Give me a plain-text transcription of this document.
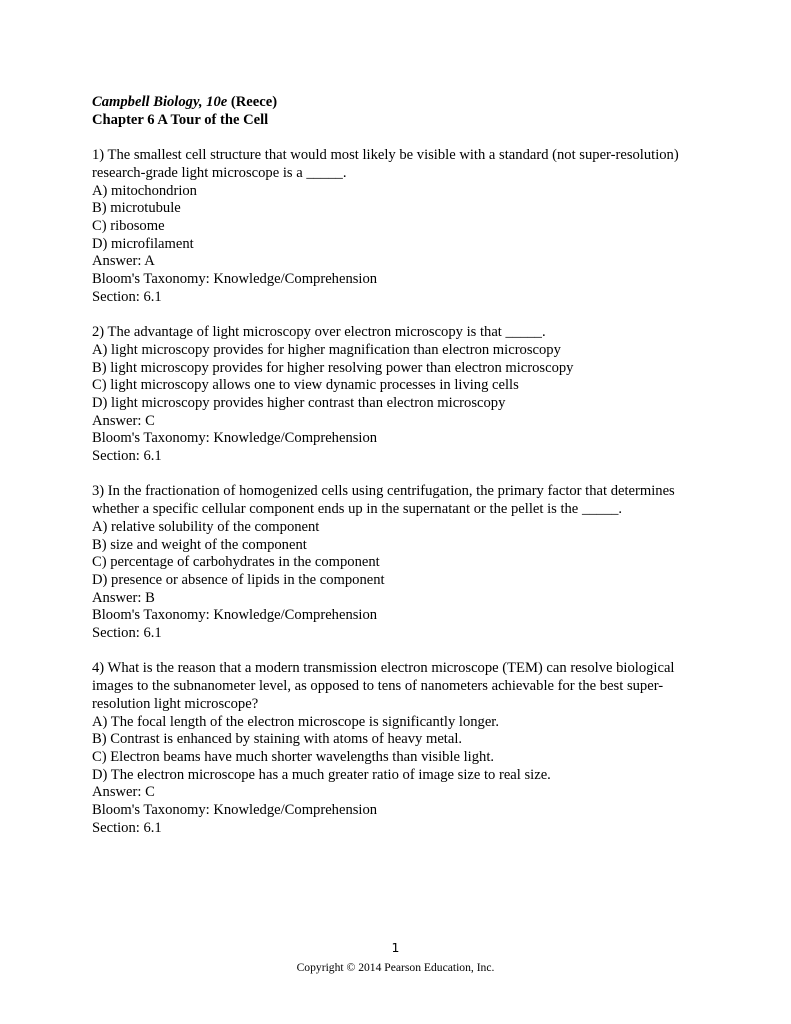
Campbell Biology, 10e (Reece)
Chapter 6 A Tour of the Cell
1) The smallest cell structure that would most likely be visible with a standard (not super-resolution) research-grade light microscope is a _____.
A) mitochondrion
B) microtubule
C) ribosome
D) microfilament
Answer: A
Bloom's Taxonomy: Knowledge/Comprehension
Section: 6.1
2) The advantage of light microscopy over electron microscopy is that _____.
A) light microscopy provides for higher magnification than electron microscopy
B) light microscopy provides for higher resolving power than electron microscopy
C) light microscopy allows one to view dynamic processes in living cells
D) light microscopy provides higher contrast than electron microscopy
Answer: C
Bloom's Taxonomy: Knowledge/Comprehension
Section: 6.1
3) In the fractionation of homogenized cells using centrifugation, the primary factor that determines whether a specific cellular component ends up in the supernatant or the pellet is the _____.
A) relative solubility of the component
B) size and weight of the component
C) percentage of carbohydrates in the component
D) presence or absence of lipids in the component
Answer: B
Bloom's Taxonomy: Knowledge/Comprehension
Section: 6.1
4) What is the reason that a modern transmission electron microscope (TEM) can resolve biological images to the subnanometer level, as opposed to tens of nanometers achievable for the best super-resolution light microscope?
A) The focal length of the electron microscope is significantly longer.
B) Contrast is enhanced by staining with atoms of heavy metal.
C) Electron beams have much shorter wavelengths than visible light.
D) The electron microscope has a much greater ratio of image size to real size.
Answer: C
Bloom's Taxonomy: Knowledge/Comprehension
Section: 6.1
1
Copyright © 2014 Pearson Education, Inc.
